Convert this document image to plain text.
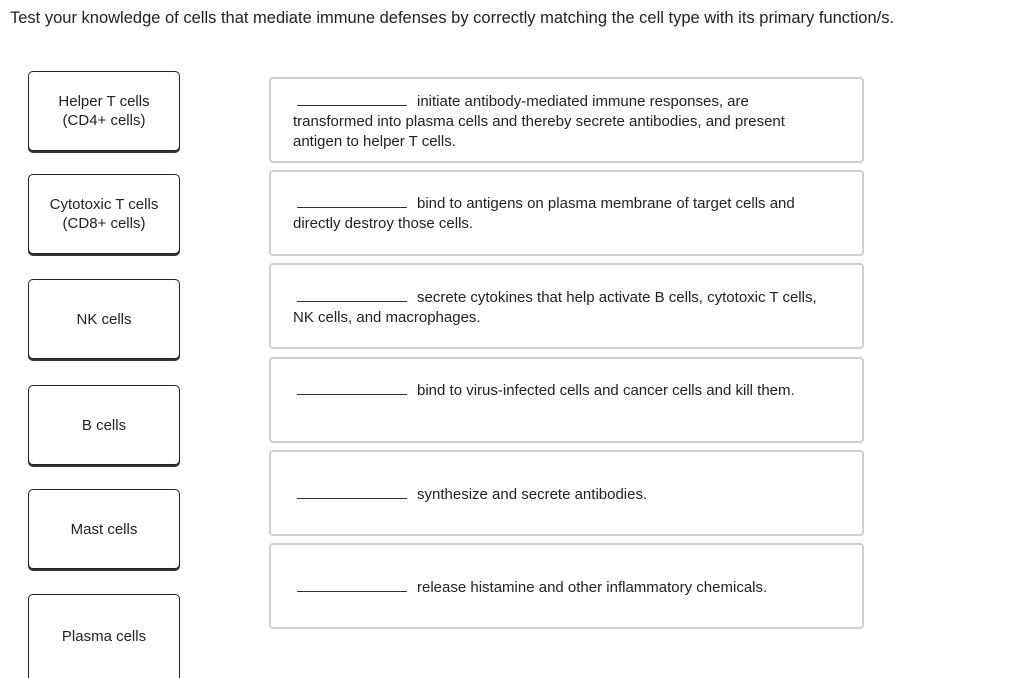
Test your knowledge of cells that mediate immune defenses by correctly matching the cell type with its primary function/s.
Helper T cells
(CD4+ cells)
Cytotoxic T cells
(CD8+ cells)
NK cells
B cells
Mast cells
Plasma cells
initiate antibody-mediated immune responses, are transformed into plasma cells and thereby secrete antibodies, and present antigen to helper T cells.
bind to antigens on plasma membrane of target cells and directly destroy those cells.
secrete cytokines that help activate B cells, cytotoxic T cells, NK cells, and macrophages.
bind to virus-infected cells and cancer cells and kill them.
synthesize and secrete antibodies.
release histamine and other inflammatory chemicals.
